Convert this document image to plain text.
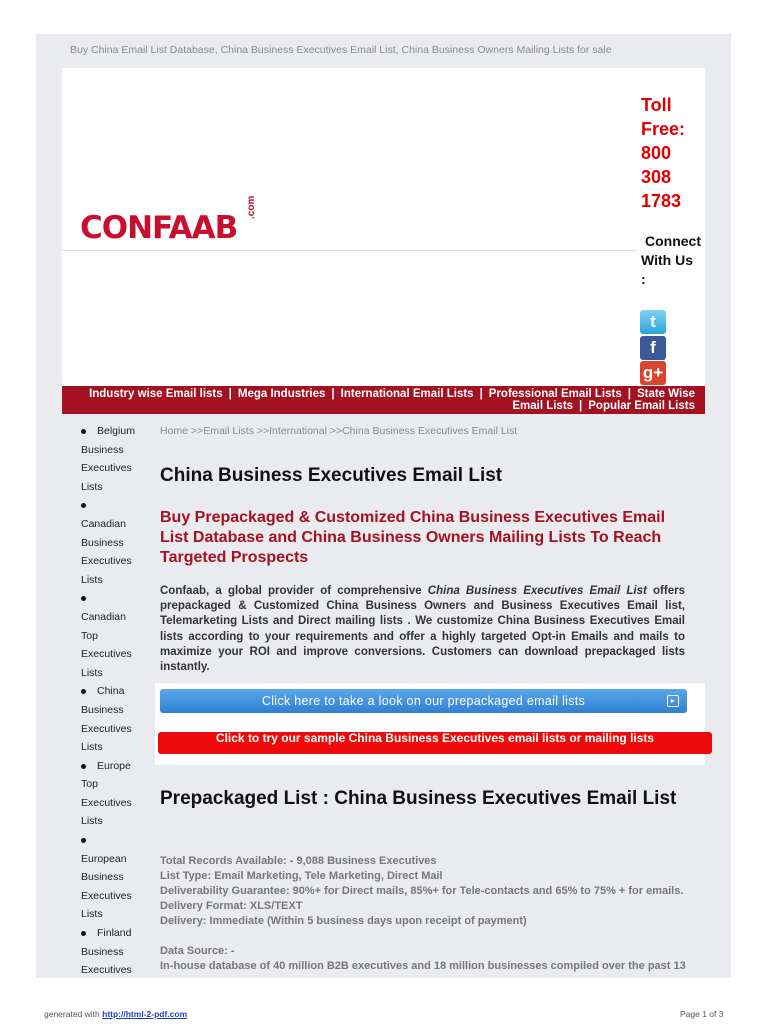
Buy China Email List Database, China Business Executives Email List, China Business Owners Mailing Lists for sale
CONFAAB
.com
Toll
Free:
800
308
1783
Connect
With Us
:
t
f
g+
Industry wise Email lists | Mega Industries | International Email Lists | Professional Email Lists | State Wise
Email Lists | Popular Email Lists
Belgium
Business
Executives
Lists
Canadian
Business
Executives
Lists
Canadian
Top
Executives
Lists
China
Business
Executives
Lists
Europe
Top
Executives
Lists
European
Business
Executives
Lists
Finland
Business
Executives
Home >>Email Lists >>International >>China Business Executives Email List
China Business Executives Email List
Buy Prepackaged & Customized China Business Executives Email List Database and China Business Owners Mailing Lists To Reach Targeted Prospects
Confaab, a global provider of comprehensive China Business Executives Email List offers prepackaged & Customized China Business Owners and Business Executives Email list, Telemarketing Lists and Direct mailing lists . We customize China Business Executives Email lists according to your requirements and offer a highly targeted Opt-in Emails and mails to maximize your ROI and improve conversions. Customers can download prepackaged lists instantly.
Click here to take a look on our prepackaged email lists	▸
Click to try our sample China Business Executives email lists or mailing lists
Prepackaged List : China Business Executives Email List
Total Records Available: - 9,088 Business Executives
List Type: Email Marketing, Tele Marketing, Direct Mail
Deliverability Guarantee: 90%+ for Direct mails, 85%+ for Tele-contacts and 65% to 75% + for emails.
Delivery Format: XLS/TEXT
Delivery: Immediate (Within 5 business days upon receipt of payment)
Data Source: -
In-house database of 40 million B2B executives and 18 million businesses compiled over the past 13
generated with http://html-2-pdf.com	Page 1 of 3
